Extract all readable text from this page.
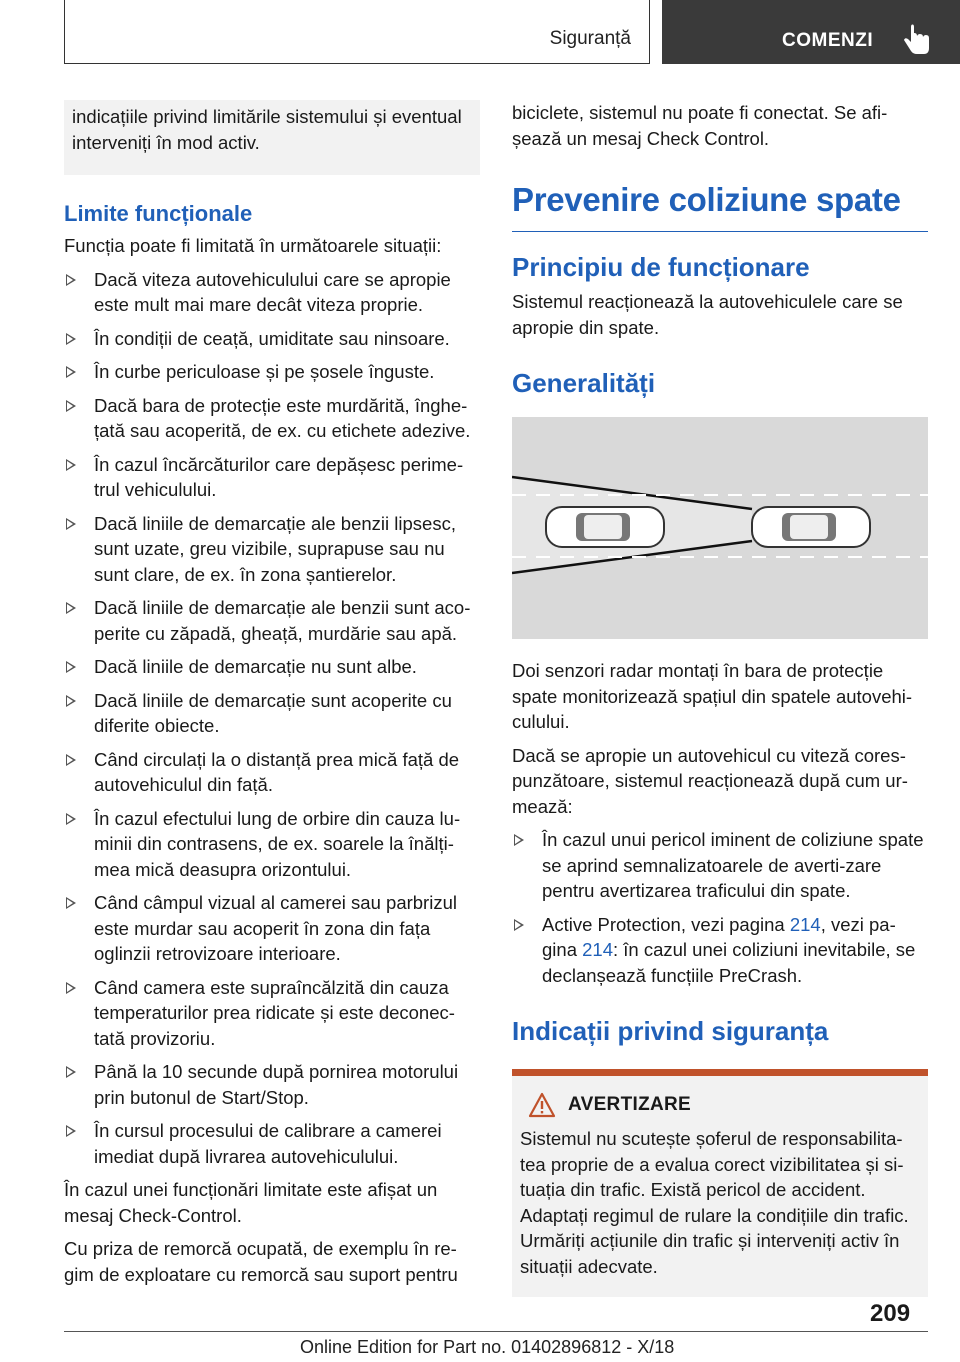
Siguranță	COMENZI

indicațiile privind limitările sistemului și eventual interveniți în mod activ.

Limite funcționale

Funcția poate fi limitată în următoarele situații:

Dacă viteza autovehiculului care se apropie este mult mai mare decât viteza proprie.
În condiții de ceață, umiditate sau ninsoare.
În curbe periculoase și pe șosele înguste.
Dacă bara de protecție este murdărită, înghe-țată sau acoperită, de ex. cu etichete adezive.
În cazul încărcăturilor care depășesc perime-trul vehiculului.
Dacă liniile de demarcație ale benzii lipsesc, sunt uzate, greu vizibile, suprapuse sau nu sunt clare, de ex. în zona șantierelor.
Dacă liniile de demarcație ale benzii sunt aco-perite cu zăpadă, gheață, murdărie sau apă.
Dacă liniile de demarcație nu sunt albe.
Dacă liniile de demarcație sunt acoperite cu diferite obiecte.
Când circulați la o distanță prea mică față de autovehiculul din față.
În cazul efectului lung de orbire din cauza lu-minii din contrasens, de ex. soarele la înălți-mea mică deasupra orizontului.
Când câmpul vizual al camerei sau parbrizul este murdar sau acoperit în zona din fața oglinzii retrovizoare interioare.
Când camera este supraîncălzită din cauza temperaturilor prea ridicate și este deconec-tată provizoriu.
Până la 10 secunde după pornirea motorului prin butonul de Start/Stop.
În cursul procesului de calibrare a camerei imediat după livrarea autovehiculului.

În cazul unei funcționări limitate este afișat un mesaj Check-Control.

Cu priza de remorcă ocupată, de exemplu în re-gim de exploatare cu remorcă sau suport pentru

biciclete, sistemul nu poate fi conectat. Se afi-șează un mesaj Check Control.

Prevenire coliziune spate
Principiu de funcționare

Sistemul reacționează la autovehiculele care se apropie din spate.

Generalități

Doi senzori radar montați în bara de protecție spate monitorizează spațiul din spatele autovehi-culului.

Dacă se apropie un autovehicul cu viteză cores-punzătoare, sistemul reacționează după cum ur-mează:

În cazul unui pericol iminent de coliziune spate se aprind semnalizatoarele de averti-zare pentru avertizarea traficului din spate.
Active Protection, vezi pagina 214, vezi pa-gina 214: în cazul unei coliziuni inevitabile, se declanșează funcțiile PreCrash.
Indicații privind siguranța
AVERTIZARE

Sistemul nu scutește șoferul de responsabilita-tea proprie de a evalua corect vizibilitatea și si-tuația din trafic. Există pericol de accident. Adaptați regimul de rulare la condițiile din trafic. Urmăriți acțiunile din trafic și interveniți activ în situații adecvate.

209
Online Edition for Part no. 01402896812 - X/18
